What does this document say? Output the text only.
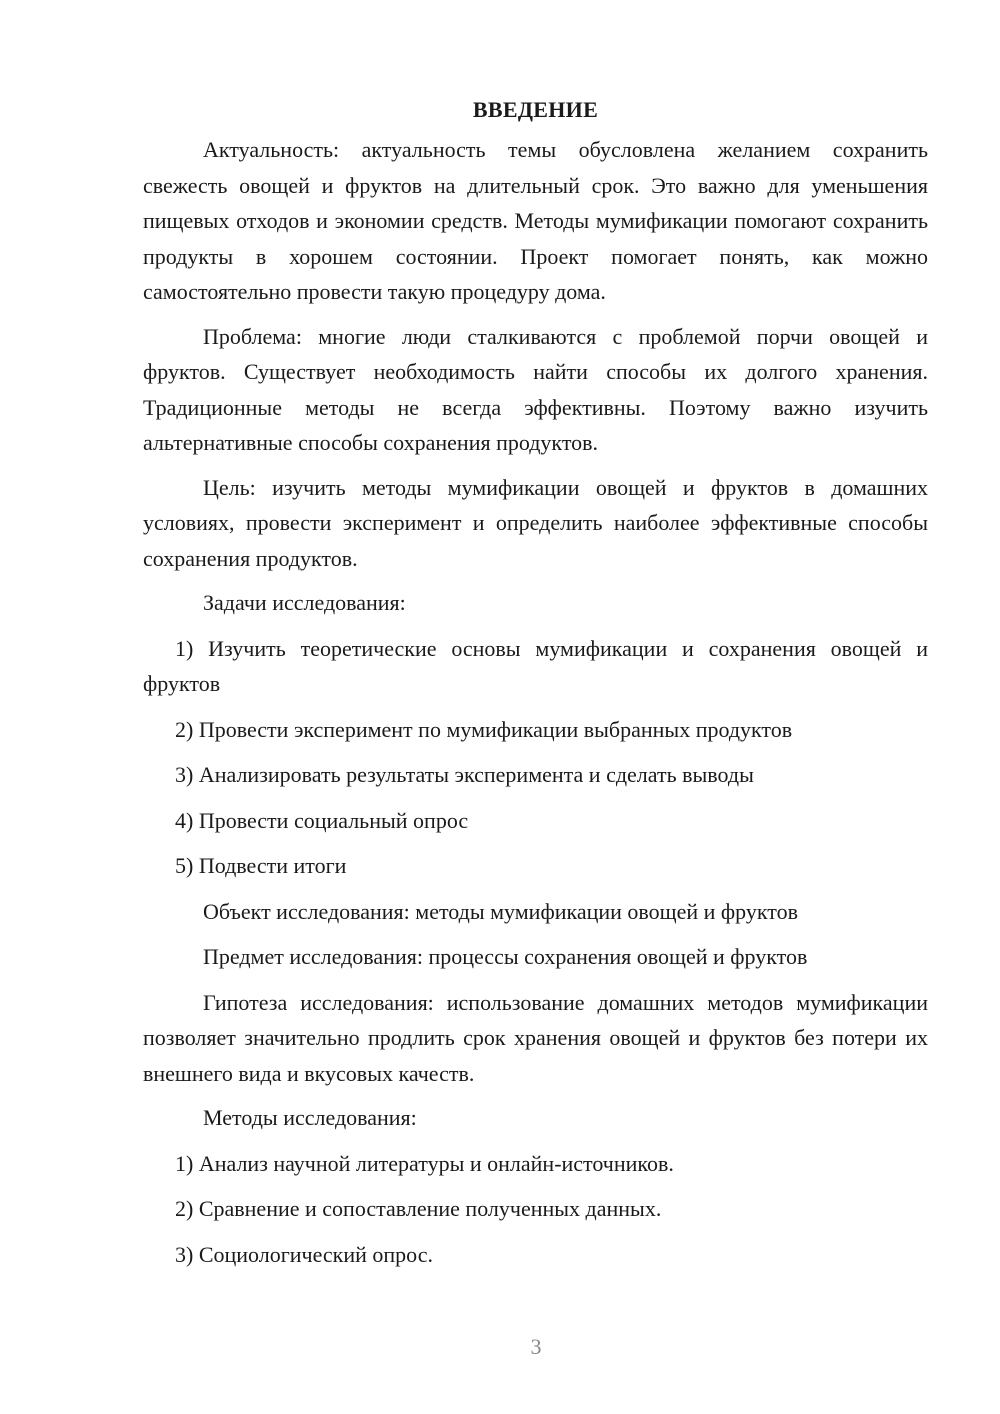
ВВЕДЕНИЕ

Актуальность: актуальность темы обусловлена желанием сохранить свежесть овощей и фруктов на длительный срок. Это важно для уменьшения пищевых отходов и экономии средств. Методы мумификации помогают сохранить продукты в хорошем состоянии. Проект помогает понять, как можно самостоятельно провести такую процедуру дома.

Проблема: многие люди сталкиваются с проблемой порчи овощей и фруктов. Существует необходимость найти способы их долгого хранения. Традиционные методы не всегда эффективны. Поэтому важно изучить альтернативные способы сохранения продуктов.

Цель: изучить методы мумификации овощей и фруктов в домашних условиях, провести эксперимент и определить наиболее эффективные способы сохранения продуктов.

Задачи исследования:

1) Изучить теоретические основы мумификации и сохранения овощей и фруктов

2) Провести эксперимент по мумификации выбранных продуктов
3) Анализировать результаты эксперимента и сделать выводы
4) Провести социальный опрос
5) Подвести итоги
Объект исследования: методы мумификации овощей и фруктов
Предмет исследования: процессы сохранения овощей и фруктов

Гипотеза исследования: использование домашних методов мумификации позволяет значительно продлить срок хранения овощей и фруктов без потери их внешнего вида и вкусовых качеств.

Методы исследования:
1) Анализ научной литературы и онлайн-источников.
2) Сравнение и сопоставление полученных данных.
3) Социологический опрос.
3
